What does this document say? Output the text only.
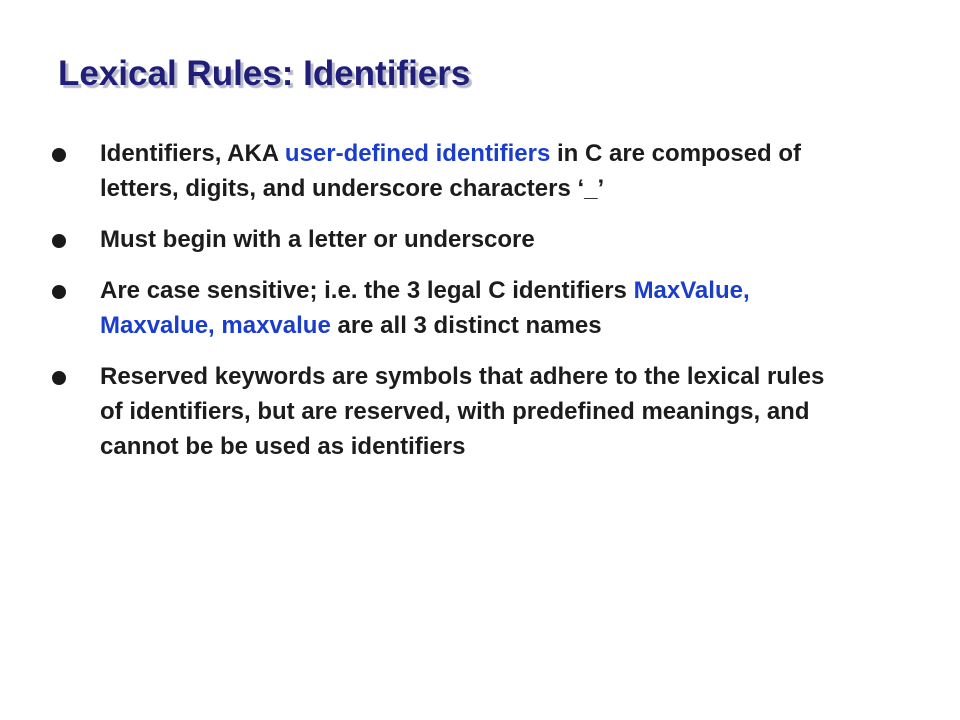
Lexical Rules: Identifiers
Identifiers, AKA user-defined identifiers in C are composed of letters, digits, and underscore characters ‘_’
Must begin with a letter or underscore
Are case sensitive; i.e. the 3 legal C identifiers MaxValue, Maxvalue, maxvalue are all 3 distinct names
Reserved keywords are symbols that adhere to the lexical rules of identifiers, but are reserved, with predefined meanings, and cannot be be used as identifiers
